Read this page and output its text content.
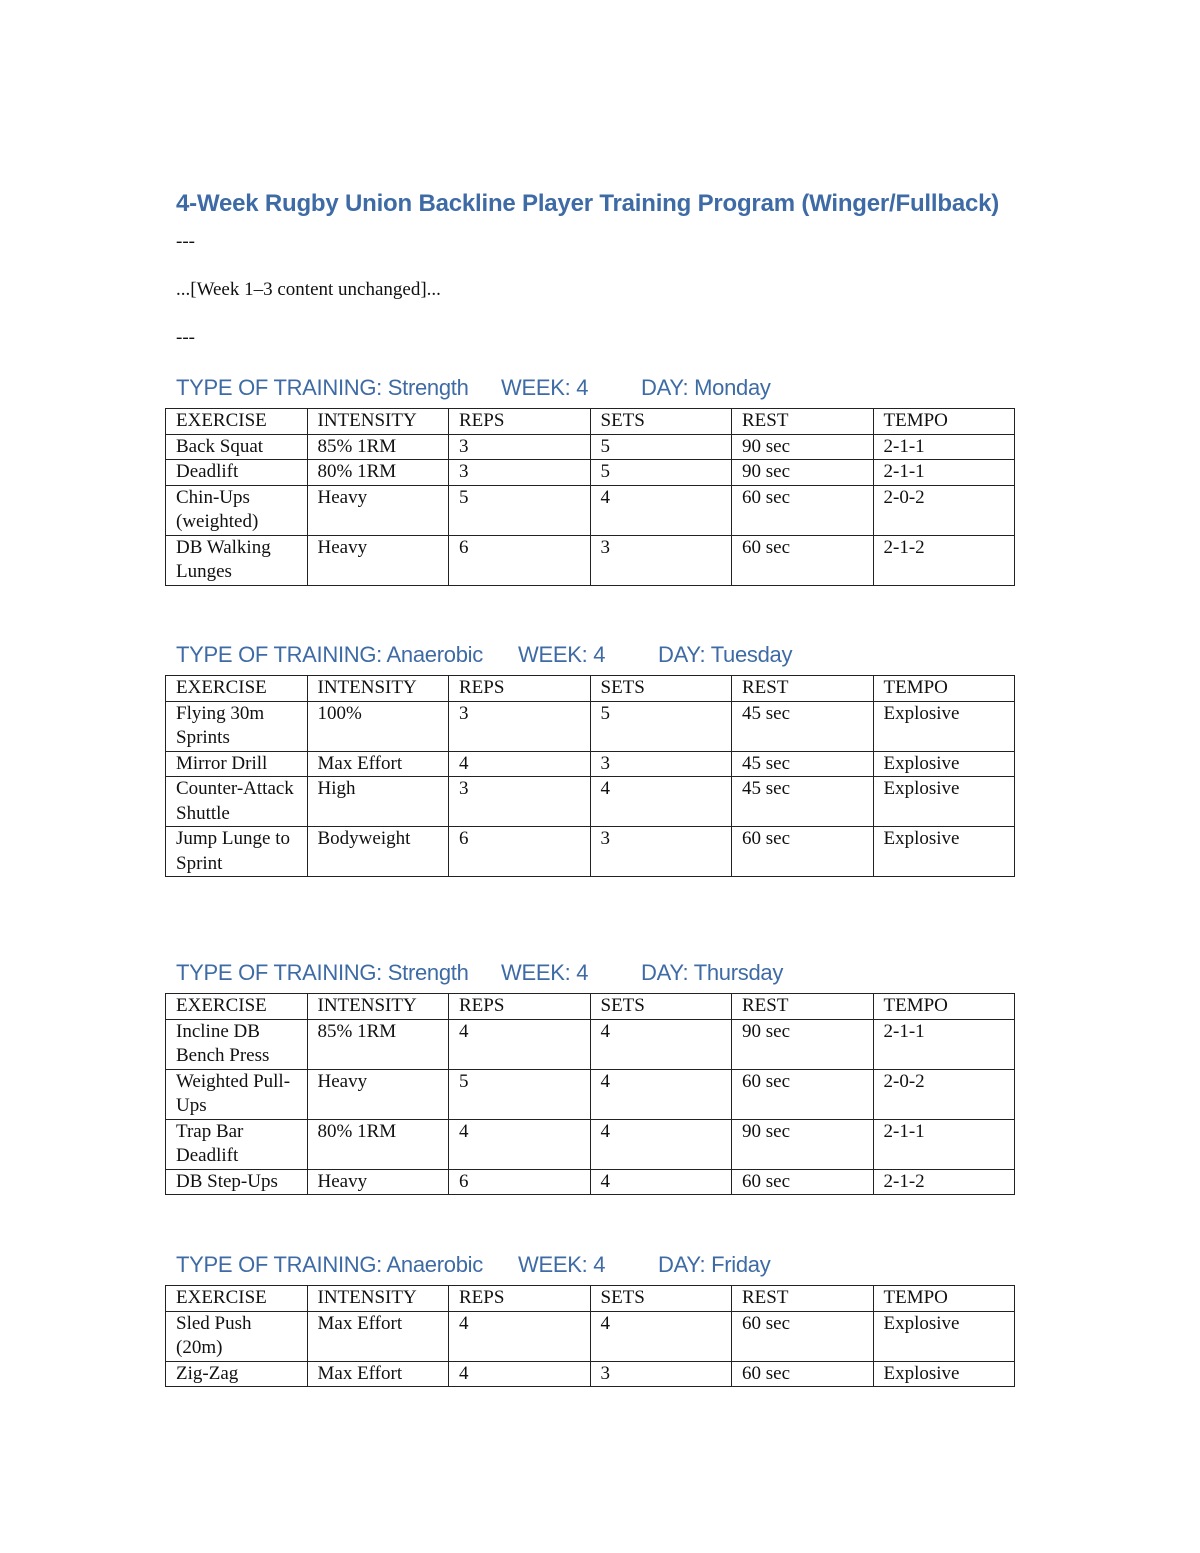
4-Week Rugby Union Backline Player Training Program (Winger/Fullback)
---
...[Week 1–3 content unchanged]...
---
TYPE OF TRAINING: Strength WEEK: 4 DAY: Monday
EXERCISE	INTENSITY	REPS	SETS	REST	TEMPO
Back Squat	85% 1RM	3	5	90 sec	2-1-1
Deadlift	80% 1RM	3	5	90 sec	2-1-1
Chin-Ups (weighted)	Heavy	5	4	60 sec	2-0-2
DB Walking Lunges	Heavy	6	3	60 sec	2-1-2
TYPE OF TRAINING: Anaerobic WEEK: 4 DAY: Tuesday
EXERCISE	INTENSITY	REPS	SETS	REST	TEMPO
Flying 30m Sprints	100%	3	5	45 sec	Explosive
Mirror Drill	Max Effort	4	3	45 sec	Explosive
Counter-Attack Shuttle	High	3	4	45 sec	Explosive
Jump Lunge to Sprint	Bodyweight	6	3	60 sec	Explosive
TYPE OF TRAINING: Strength WEEK: 4 DAY: Thursday
EXERCISE	INTENSITY	REPS	SETS	REST	TEMPO
Incline DB Bench Press	85% 1RM	4	4	90 sec	2-1-1
Weighted Pull-Ups	Heavy	5	4	60 sec	2-0-2
Trap Bar Deadlift	80% 1RM	4	4	90 sec	2-1-1
DB Step-Ups	Heavy	6	4	60 sec	2-1-2
TYPE OF TRAINING: Anaerobic WEEK: 4 DAY: Friday
EXERCISE	INTENSITY	REPS	SETS	REST	TEMPO
Sled Push (20m)	Max Effort	4	4	60 sec	Explosive
Zig-Zag	Max Effort	4	3	60 sec	Explosive
